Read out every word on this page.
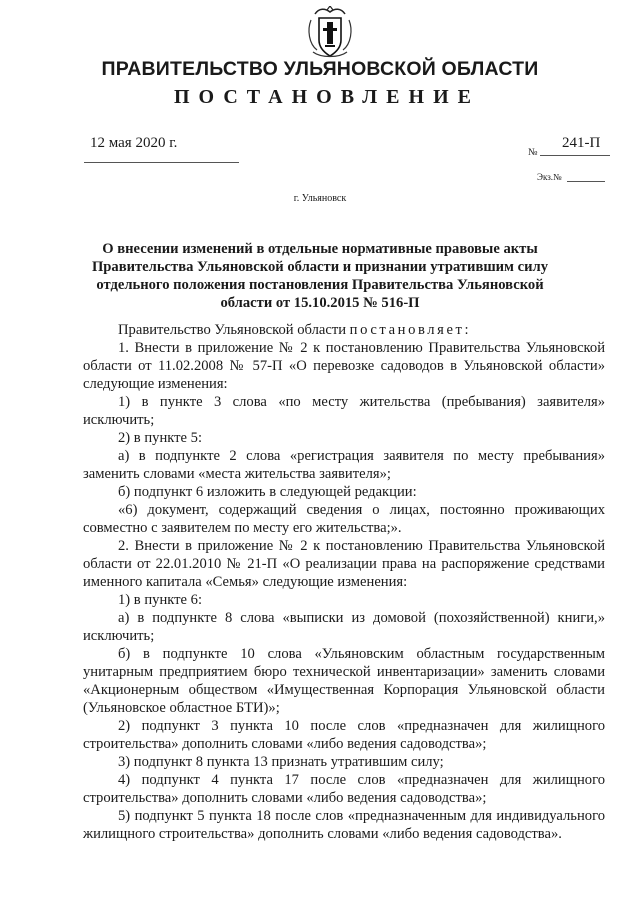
ПРАВИТЕЛЬСТВО УЛЬЯНОВСКОЙ ОБЛАСТИ
ПОСТАНОВЛЕНИЕ
12 мая 2020 г.
№
241-П
Экз.№
г. Ульяновск
О внесении изменений в отдельные нормативные правовые акты Правительства Ульяновской области и признании утратившим силу отдельного положения постановления Правительства Ульяновской области от 15.10.2015 № 516-П

Правительство Ульяновской области постановляет:

1. Внести в приложение № 2 к постановлению Правительства Ульяновской области от 11.02.2008 № 57-П «О перевозке садоводов в Ульяновской области» следующие изменения:

1) в пункте 3 слова «по месту жительства (пребывания) заявителя» исключить;

2) в пункте 5:

а) в подпункте 2 слова «регистрация заявителя по месту пребывания» заменить словами «места жительства заявителя»;

б) подпункт 6 изложить в следующей редакции:

«6) документ, содержащий сведения о лицах, постоянно проживающих совместно с заявителем по месту его жительства;».

2. Внести в приложение № 2 к постановлению Правительства Ульяновской области от 22.01.2010 № 21-П «О реализации права на распоряжение средствами именного капитала «Семья» следующие изменения:

1) в пункте 6:

а) в подпункте 8 слова «выписки из домовой (похозяйственной) книги,» исключить;

б) в подпункте 10 слова «Ульяновским областным государственным унитарным предприятием бюро технической инвентаризации» заменить словами «Акционерным обществом «Имущественная Корпорация Ульяновской области (Ульяновское областное БТИ)»;

2) подпункт 3 пункта 10 после слов «предназначен для жилищного строительства» дополнить словами «либо ведения садоводства»;

3) подпункт 8 пункта 13 признать утратившим силу;

4) подпункт 4 пункта 17 после слов «предназначен для жилищного строительства» дополнить словами «либо ведения садоводства»;

5) подпункт 5 пункта 18 после слов «предназначенным для индивидуального жилищного строительства» дополнить словами «либо ведения садоводства».
